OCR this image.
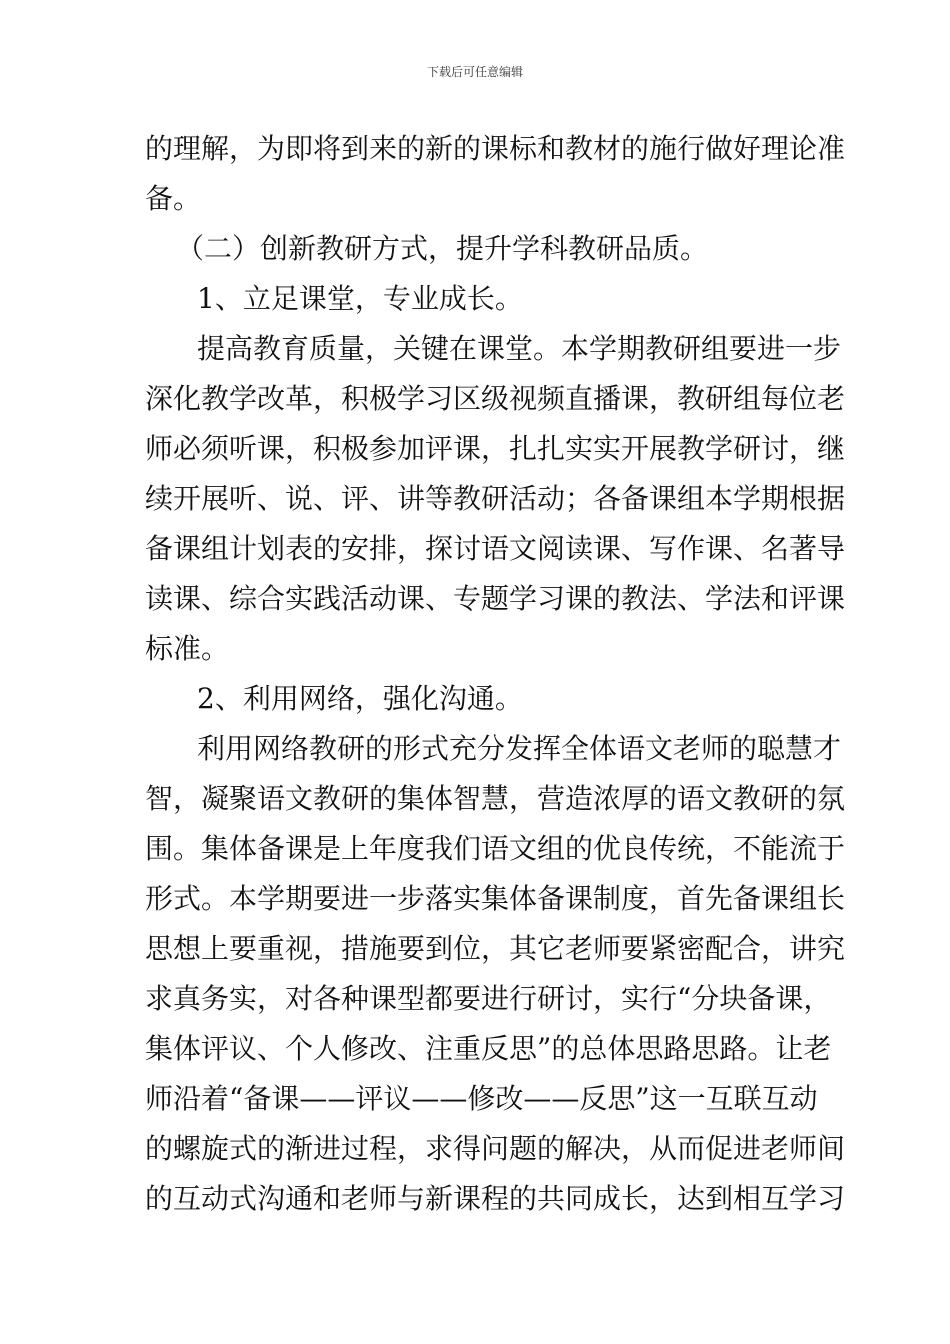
下载后可任意编辑
的理解，为即将到来的新的课标和教材的施行做好理论准
备。
（二）创新教研方式，提升学科教研品质。
1、立足课堂，专业成长。
提高教育质量，关键在课堂。本学期教研组要进一步
深化教学改革，积极学习区级视频直播课，教研组每位老
师必须听课，积极参加评课，扎扎实实开展教学研讨，继
续开展听、说、评、讲等教研活动；各备课组本学期根据
备课组计划表的安排，探讨语文阅读课、写作课、名著导
读课、综合实践活动课、专题学习课的教法、学法和评课
标准。
2、利用网络，强化沟通。
利用网络教研的形式充分发挥全体语文老师的聪慧才
智，凝聚语文教研的集体智慧，营造浓厚的语文教研的氛
围。集体备课是上年度我们语文组的优良传统，不能流于
形式。本学期要进一步落实集体备课制度，首先备课组长
思想上要重视，措施要到位，其它老师要紧密配合，讲究
求真务实，对各种课型都要进行研讨，实行“分块备课，
集体评议、个人修改、注重反思”的总体思路思路。让老
师沿着“备课——评议——修改——反思”这一互联互动
的螺旋式的渐进过程，求得问题的解决，从而促进老师间
的互动式沟通和老师与新课程的共同成长，达到相互学习
